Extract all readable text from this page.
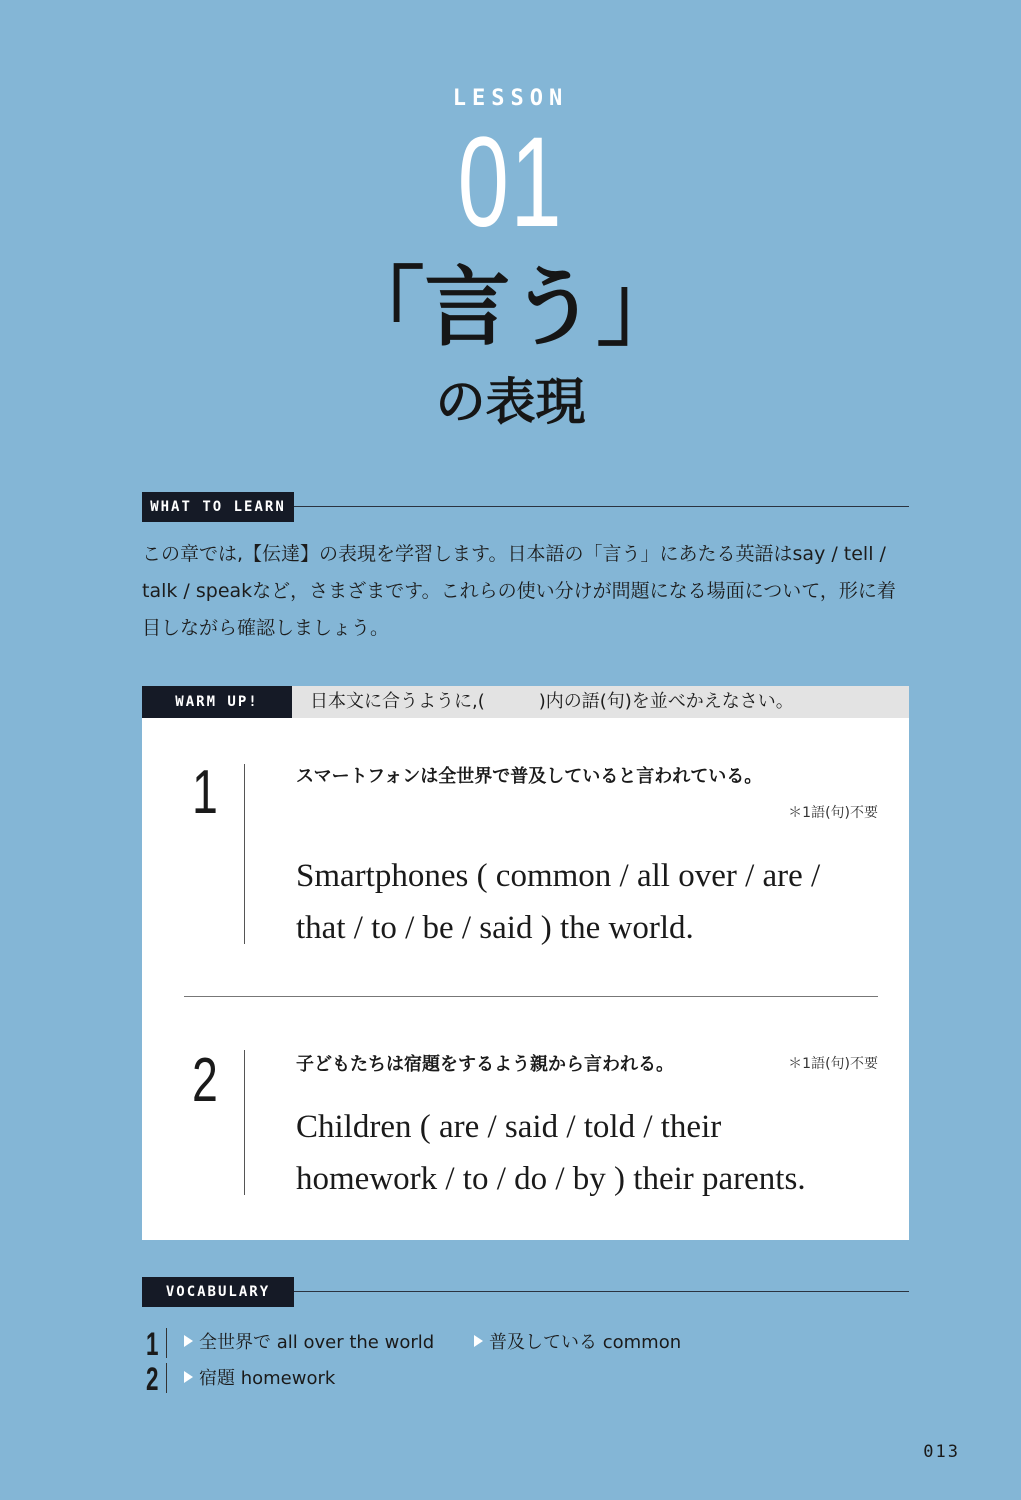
LESSON
01
「言う」
の表現
WHAT TO LEARN
この章では,【伝達】の表現を学習します。日本語の「言う」にあたる英語はsay / tell / talk / speakなど，さまざまです。これらの使い分けが問題になる場面について，形に着目しながら確認しましょう。
WARM UP!	日本文に合うように,(　　　)内の語(句)を並べかえなさい。
1	スマートフォンは全世界で普及していると言われている。
＊1語(句)不要
Smartphones ( common / all over / are /
that / to / be / said ) the world.
2	子どもたちは宿題をするよう親から言われる。	＊1語(句)不要
Children ( are / said / told / their
homework / to / do / by ) their parents.
VOCABULARY
1	全世界で all over the world	普及している common
2	宿題 homework
013
